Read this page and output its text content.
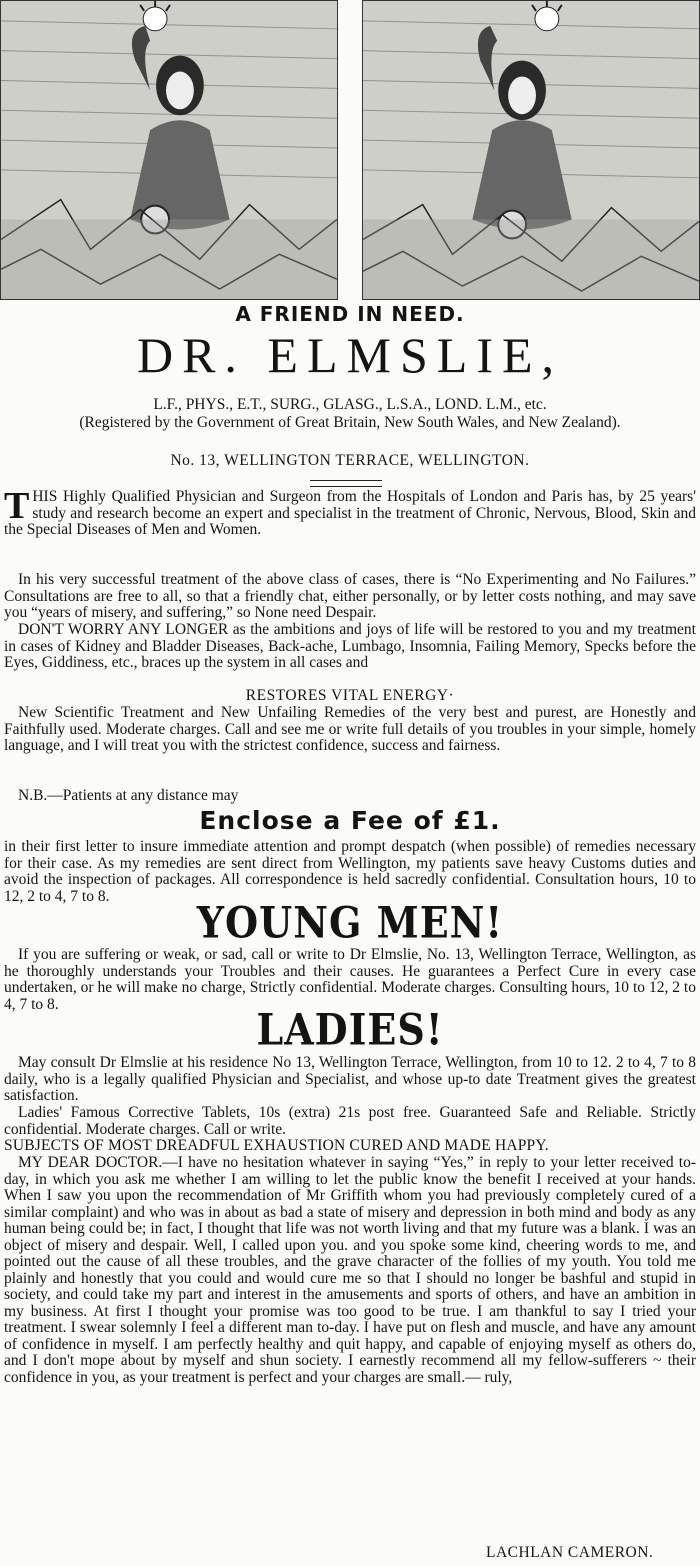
A FRIEND IN NEED.
DR. ELMSLIE,
L.F., PHYS., E.T., SURG., GLASG., L.S.A., LOND. L.M., etc.
(Registered by the Government of Great Britain, New South Wales, and New Zealand).
No. 13, WELLINGTON TERRACE, WELLINGTON.

THIS Highly Qualified Physician and Surgeon from the Hospitals of London and Paris has, by 25 years' study and research become an expert and specialist in the treatment of Chronic, Nervous, Blood, Skin and the Special Diseases of Men and Women.

In his very successful treatment of the above class of cases, there is “No Experimenting and No Failures.” Consultations are free to all, so that a friendly chat, either personally, or by letter costs nothing, and may save you “years of misery, and suffering,” so None need Despair.

DON'T WORRY ANY LONGER as the ambitions and joys of life will be restored to you and my treatment in cases of Kidney and Bladder Diseases, Back-ache, Lumbago, Insomnia, Failing Memory, Specks before the Eyes, Giddiness, etc., braces up the system in all cases and

RESTORES VITAL ENERGY·

New Scientific Treatment and New Unfailing Remedies of the very best and purest, are Honestly and Faithfully used. Moderate charges. Call and see me or write full details of you troubles in your simple, homely language, and I will treat you with the strictest confidence, success and fairness.

N.B.—Patients at any distance may

Enclose a Fee of £1.

in their first letter to insure immediate attention and prompt despatch (when possible) of remedies necessary for their case. As my remedies are sent direct from Wellington, my patients save heavy Customs duties and avoid the inspection of packages. All correspondence is held sacredly confidential. Consultation hours, 10 to 12, 2 to 4, 7 to 8.

YOUNG MEN!

If you are suffering or weak, or sad, call or write to Dr Elmslie, No. 13, Wellington Terrace, Wellington, as he thoroughly understands your Troubles and their causes. He guarantees a Perfect Cure in every case undertaken, or he will make no charge, Strictly confidential. Moderate charges. Consulting hours, 10 to 12, 2 to 4, 7 to 8.

LADIES!

May consult Dr Elmslie at his residence No 13, Wellington Terrace, Wellington, from 10 to 12. 2 to 4, 7 to 8 daily, who is a legally qualified Physician and Specialist, and whose up-to date Treatment gives the greatest satisfaction.

Ladies' Famous Corrective Tablets, 10s (extra) 21s post free. Guaranteed Safe and Reliable. Strictly confidential. Moderate charges. Call or write.

SUBJECTS OF MOST DREADFUL EXHAUSTION CURED AND MADE HAPPY.

MY DEAR DOCTOR.—I have no hesitation whatever in saying “Yes,” in reply to your letter received to-day, in which you ask me whether I am willing to let the public know the benefit I received at your hands. When I saw you upon the recommendation of Mr Griffith whom you had previously completely cured of a similar complaint) and who was in about as bad a state of misery and depression in both mind and body as any human being could be; in fact, I thought that life was not worth living and that my future was a blank. I was an object of misery and despair. Well, I called upon you. and you spoke some kind, cheering words to me, and pointed out the cause of all these troubles, and the grave character of the follies of my youth. You told me plainly and honestly that you could and would cure me so that I should no longer be bashful and stupid in society, and could take my part and interest in the amusements and sports of others, and have an ambition in my business. At first I thought your promise was too good to be true. I am thankful to say I tried your treatment. I swear solemnly I feel a different man to-day. I have put on flesh and muscle, and have any amount of confidence in myself. I am perfectly healthy and quit happy, and capable of enjoying myself as others do, and I don't mope about by myself and shun society. I earnestly recommend all my fellow-sufferers ~ their confidence in you, as your treatment is perfect and your charges are small.— ruly,

LACHLAN CAMERON.
